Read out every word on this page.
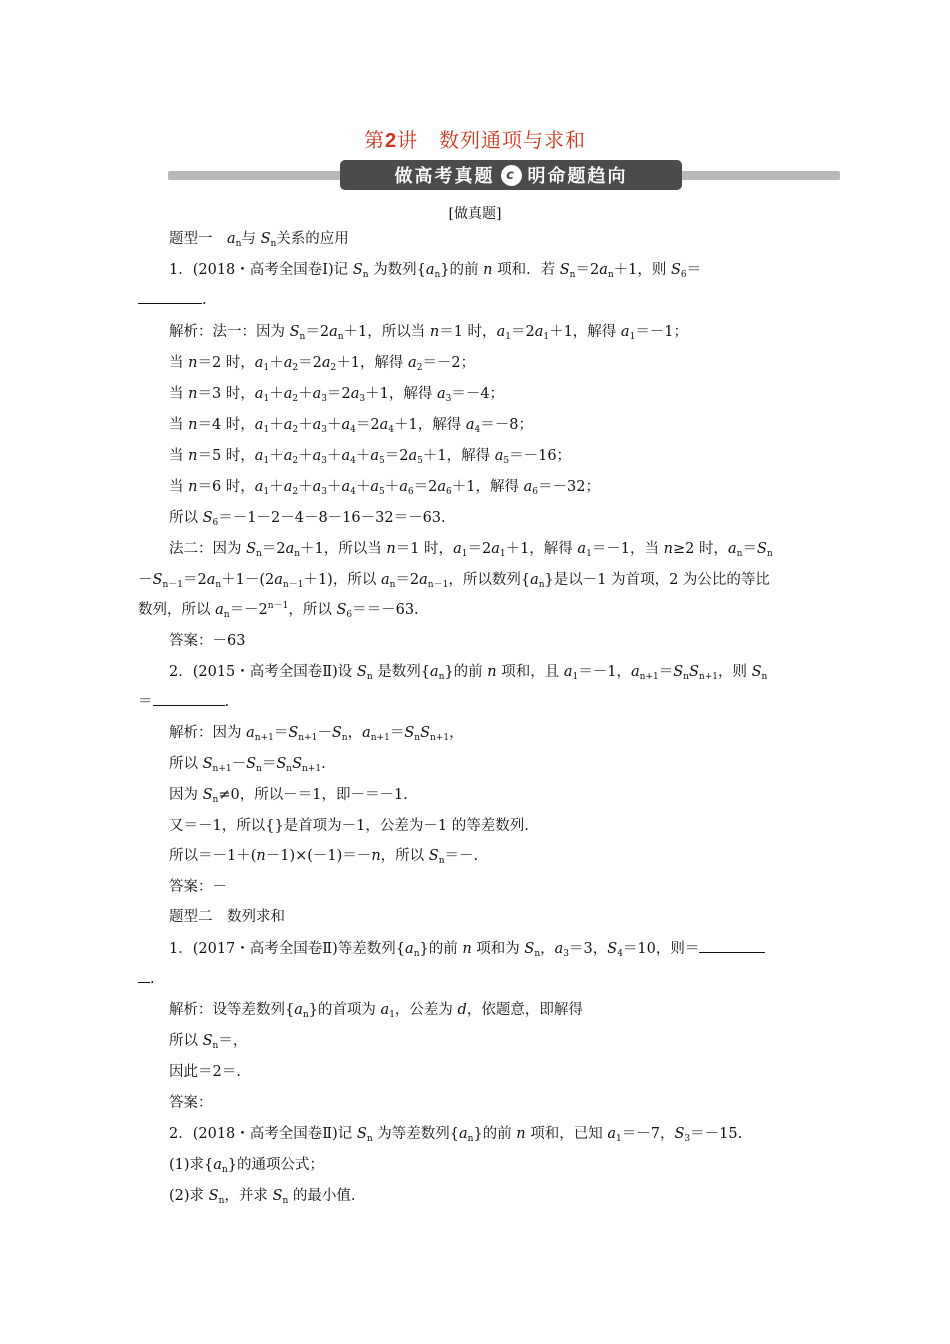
第2讲　数列通项与求和
做高考真题 c 明命题趋向
[做真题]
题型一　$a_n$与 $S_n$关系的应用
1．(2018・高考全国卷Ⅰ)记 $S_n$ 为数列$\{a_n\}$的前 n 项和．若 $S_n=2a_n+1$，则 $S_6=$
.
解析：法一：因为 $S_n=2a_n+1$，所以当 n＝1 时，$a_1=2a_1+1$，解得 $a_1=-1$；
当 n＝2 时，$a_1+a_2=2a_2+1$，解得 $a_2=-2$；
当 n＝3 时，$a_1+a_2+a_3=2a_3+1$，解得 $a_3=-4$；
当 n＝4 时，$a_1+a_2+a_3+a_4=2a_4+1$，解得 $a_4=-8$；
当 n＝5 时，$a_1+a_2+a_3+a_4+a_5=2a_5+1$，解得 $a_5=-16$；
当 n＝6 时，$a_1+a_2+a_3+a_4+a_5+a_6=2a_6+1$，解得 $a_6=-32$；
所以 $S_6=-1-2-4-8-16-32=-63$.
法二：因为 $S_n=2a_n+1$，所以当 n＝1 时，$a_1=2a_1+1$，解得 $a_1=-1$，当 n≥2 时，$a_n=S_n$
$-S_{n-1}=2a_n+1-(2a_{n-1}+1)$，所以 $a_n=2a_{n-1}$，所以数列$\{a_n\}$是以－1 为首项，2 为公比的等比
数列，所以 $a_n=-2^{n-1}$，所以 $S_6==-63$.
答案：－63
2．(2015・高考全国卷Ⅱ)设 $S_n$ 是数列$\{a_n\}$的前 n 项和，且 $a_1=-1$，$a_{n+1}=S_nS_{n+1}$，则 $S_n$
＝	.
解析：因为 $a_{n+1}=S_{n+1}-S_n$，$a_{n+1}=S_nS_{n+1}$，
所以 $S_{n+1}-S_n=S_nS_{n+1}$.
因为 $S_n\ne 0$，所以－＝1，即－＝－1.
又＝－1，所以{}是首项为－1，公差为－1 的等差数列.
所以＝－1＋(n－1)×(－1)＝－n，所以 $S_n=-$.
答案：－
题型二　数列求和
1．(2017・高考全国卷Ⅱ)等差数列$\{a_n\}$的前 n 项和为 $S_n$，$a_3=3$，$S_4=10$，则＝
.
解析：设等差数列$\{a_n\}$的首项为 $a_1$，公差为 d，依题意，即解得
所以 $S_n=$，
因此＝2＝.
答案：
2．(2018・高考全国卷Ⅱ)记 $S_n$ 为等差数列$\{a_n\}$的前 n 项和，已知 $a_1=-7$，$S_3=-15$.
(1)求$\{a_n\}$的通项公式；
(2)求 $S_n$，并求 $S_n$ 的最小值.
